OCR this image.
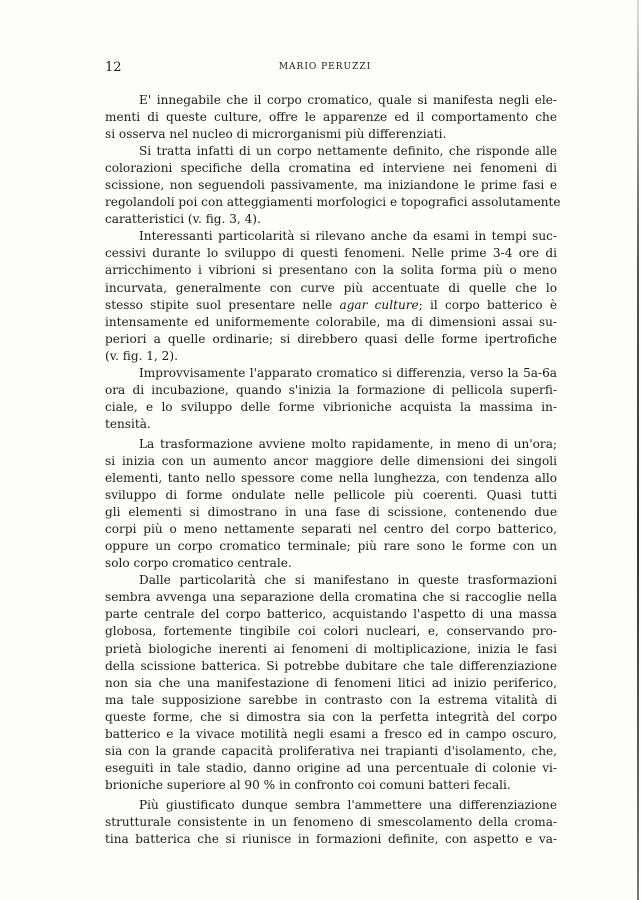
12	MARIO PERUZZI

E' innegabile che il corpo cromatico, quale si manifesta negli ele-
menti di queste culture, offre le apparenze ed il comportamento che
si osserva nel nucleo di microrganismi più differenziati.

Si tratta infatti di un corpo nettamente definito, che risponde alle
colorazioni specifiche della cromatina ed interviene nei fenomeni di
scissione, non seguendoli passivamente, ma iniziandone le prime fasi e
regolandoli poi con atteggiamenti morfologici e topografici assolutamente
caratteristici (v. fig. 3, 4).

Interessanti particolarità si rilevano anche da esami in tempi suc-
cessivi durante lo sviluppo di questi fenomeni. Nelle prime 3-4 ore di
arricchimento i vibrioni si presentano con la solita forma più o meno
incurvata, generalmente con curve più accentuate di quelle che lo
stesso stipite suol presentare nelle agar culture; il corpo batterico è
intensamente ed uniformemente colorabile, ma di dimensioni assai su-
periori a quelle ordinarie; si direbbero quasi delle forme ipertrofiche
(v. fig. 1, 2).

Improvvisamente l'apparato cromatico si differenzia, verso la 5a-6a
ora di incubazione, quando s'inizia la formazione di pellicola superfi-
ciale, e lo sviluppo delle forme vibrioniche acquista la massima in-
tensità.

La trasformazione avviene molto rapidamente, in meno di un'ora;
si inizia con un aumento ancor maggiore delle dimensioni dei singoli
elementi, tanto nello spessore come nella lunghezza, con tendenza allo
sviluppo di forme ondulate nelle pellicole più coerenti. Quasi tutti
gli elementi si dimostrano in una fase di scissione, contenendo due
corpi più o meno nettamente separati nel centro del corpo batterico,
oppure un corpo cromatico terminale; più rare sono le forme con un
solo corpo cromatico centrale.

Dalle particolarità che si manifestano in queste trasformazioni
sembra avvenga una separazione della cromatina che si raccoglie nella
parte centrale del corpo batterico, acquistando l'aspetto di una massa
globosa, fortemente tingibile coi colori nucleari, e, conservando pro-
prietà biologiche inerenti ai fenomeni di moltiplicazione, inizia le fasi
della scissione batterica. Si potrebbe dubitare che tale differenziazione
non sia che una manifestazione di fenomeni litici ad inizio periferico,
ma tale supposizione sarebbe in contrasto con la estrema vitalità di
queste forme, che si dimostra sia con la perfetta integrità del corpo
batterico e la vivace motilità negli esami a fresco ed in campo oscuro,
sia con la grande capacità proliferativa nei trapianti d'isolamento, che,
eseguiti in tale stadio, danno origine ad una percentuale di colonie vi-
brioniche superiore al 90 % in confronto coi comuni batteri fecali.

Più giustificato dunque sembra l'ammettere una differenziazione
strutturale consistente in un fenomeno di smescolamento della croma-
tina batterica che si riunisce in formazioni definite, con aspetto e va-
